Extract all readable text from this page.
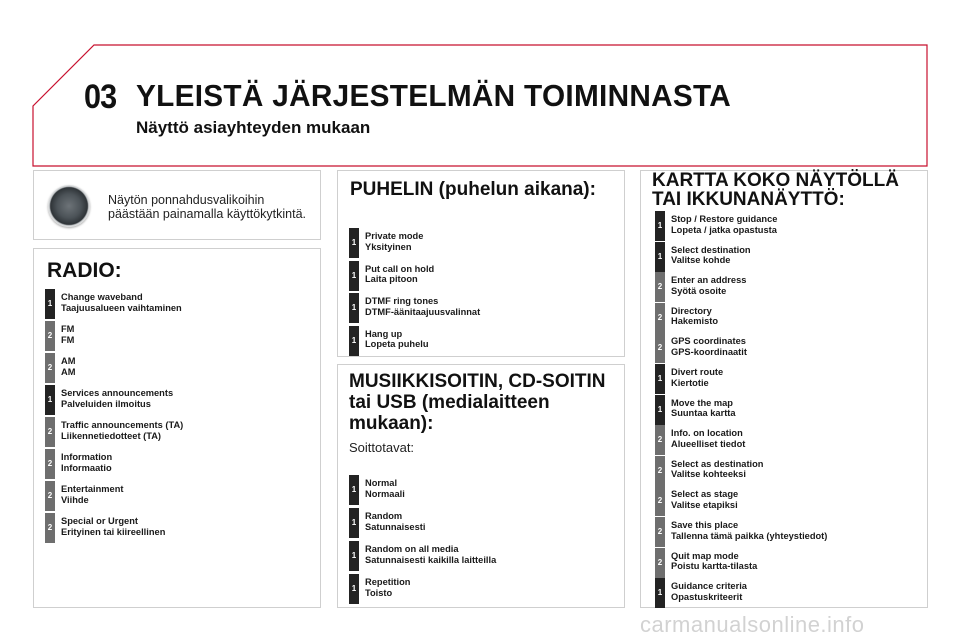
03 YLEISTÄ JÄRJESTELMÄN TOIMINNASTA
Näyttö asiayhteyden mukaan
Näytön ponnahdusvalikoihin
päästään painamalla käyttökytkintä.
RADIO:
1
Change waveband
Taajuusalueen vaihtaminen
2
FM
FM
2
AM
AM
1
Services announcements
Palveluiden ilmoitus
2
Traffic announcements (TA)
Liikennetiedotteet (TA)
2
Information
Informaatio
2
Entertainment
Viihde
2
Special or Urgent
Erityinen tai kiireellinen
PUHELIN (puhelun aikana):
1
Private mode
Yksityinen
1
Put call on hold
Laita pitoon
1
DTMF ring tones
DTMF-äänitaajuusvalinnat
1
Hang up
Lopeta puhelu
MUSIIKKISOITIN, CD-SOITIN
tai USB (medialaitteen
mukaan):
Soittotavat:
1
Normal
Normaali
1
Random
Satunnaisesti
1
Random on all media
Satunnaisesti kaikilla laitteilla
1
Repetition
Toisto
KARTTA KOKO NÄYTÖLLÄ
TAI IKKUNANÄYTTÖ:
1
Stop / Restore guidance
Lopeta / jatka opastusta
1
Select destination
Valitse kohde
2
Enter an address
Syötä osoite
2
Directory
Hakemisto
2
GPS coordinates
GPS-koordinaatit
1
Divert route
Kiertotie
1
Move the map
Suuntaa kartta
2
Info. on location
Alueelliset tiedot
2
Select as destination
Valitse kohteeksi
2
Select as stage
Valitse etapiksi
2
Save this place
Tallenna tämä paikka (yhteystiedot)
2
Quit map mode
Poistu kartta-tilasta
1
Guidance criteria
Opastuskriteerit
carmanualsonline.info
